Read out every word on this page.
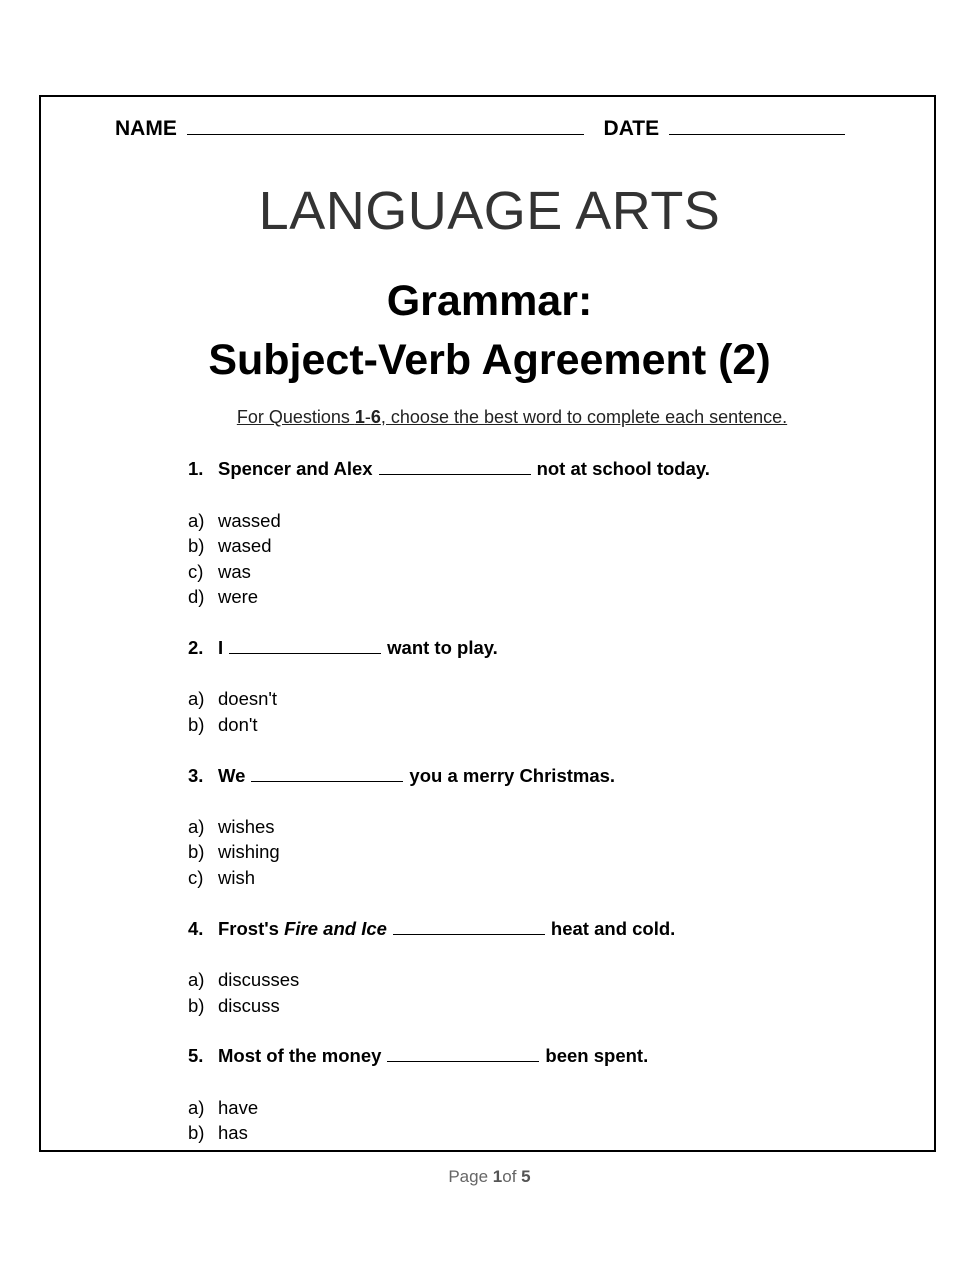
NAME	DATE
LANGUAGE ARTS
Grammar:
Subject-Verb Agreement (2)
For Questions 1-6, choose the best word to complete each sentence.
1. Spencer and Alex	not at school today.
a) wassed
b) wased
c) was
d) were
2. I	want to play.
a) doesn't
b) don't
3. We	you a merry Christmas.
a) wishes
b) wishing
c) wish
4. Frost's Fire and Ice	heat and cold.
a) discusses
b) discuss
5. Most of the money	been spent.
a) have
b) has
Page 1of 5
